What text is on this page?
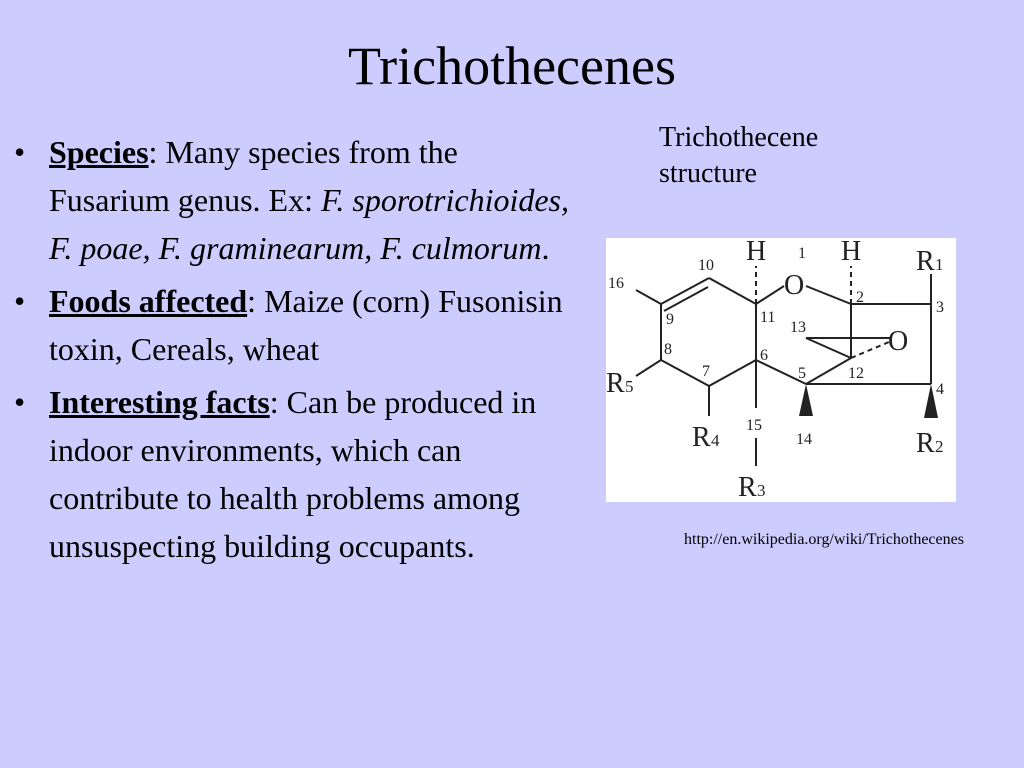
Trichothecenes
• Species: Many species from the Fusarium genus. Ex: F. sporotrichioides, F. poae, F. graminearum, F. culmorum.
• Foods affected: Maize (corn) Fusonisin toxin, Cereals, wheat
• Interesting facts: Can be produced in indoor environments, which can contribute to health problems among unsuspecting building occupants.
Trichothecene structure
H	H
O
O
R
R
R
R
R
1
2
3
4
5
1
2
3
4
5
6
7
8
9
10
11
12
13
14
15
16
http://en.wikipedia.org/wiki/Trichothecenes
